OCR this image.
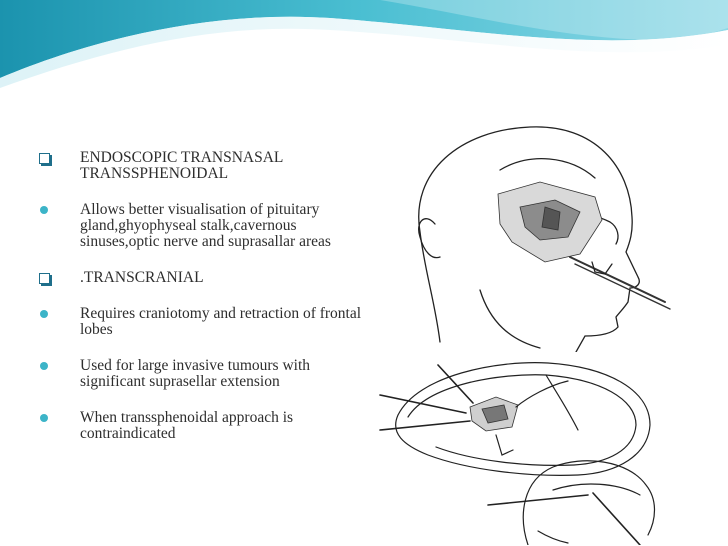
ENDOSCOPIC TRANSNASAL TRANSSPHENOIDAL
Allows better visualisation of pituitary gland,ghyophyseal stalk,cavernous sinuses,optic nerve and suprasallar areas
.TRANSCRANIAL
Requires craniotomy and retraction of frontal lobes
Used for large invasive tumours with significant suprasellar extension
When transsphenoidal approach is contraindicated
